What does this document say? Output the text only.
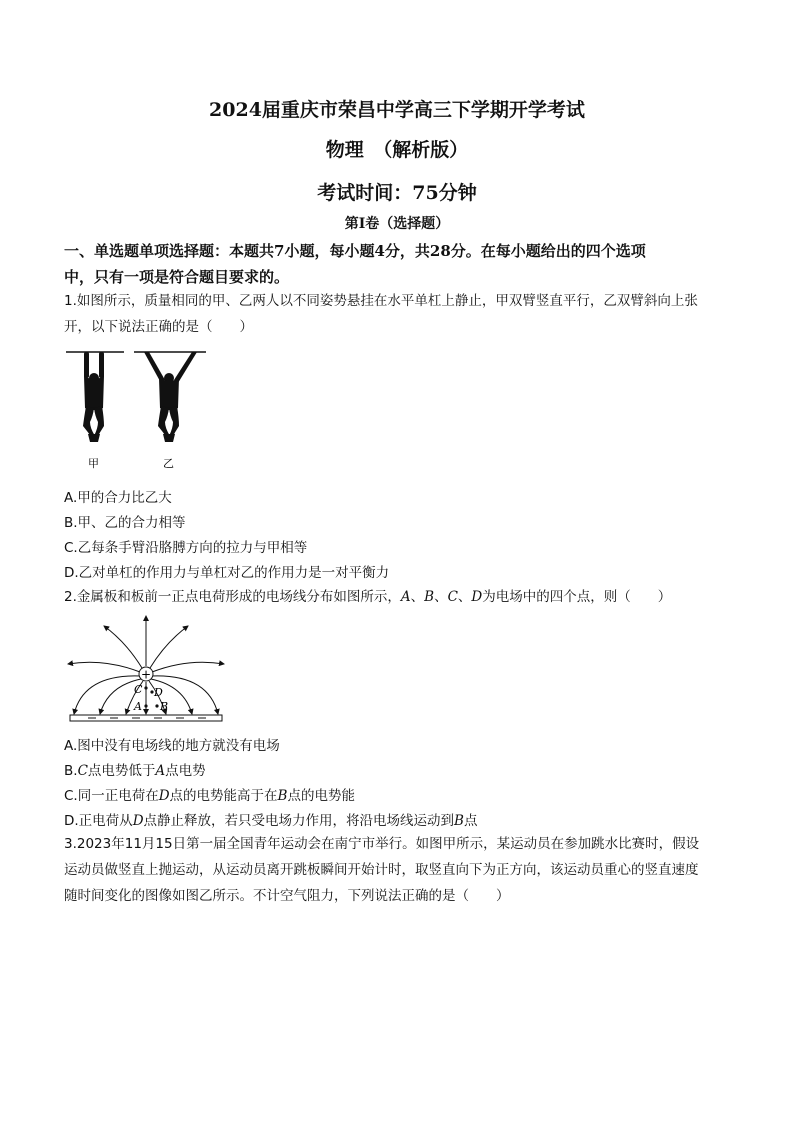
2024届重庆市荣昌中学高三下学期开学考试
物理　（解析版）
考试时间：75分钟
第Ⅰ卷（选择题）
一、单选题单项选择题：本题共7小题，每小题4分，共28分。在每小题给出的四个选项
中，只有一项是符合题目要求的。
1.如图所示，质量相同的甲、乙两人以不同姿势悬挂在水平单杠上静止，甲双臂竖直平行，乙双臂斜向上张
开，以下说法正确的是（　　）
甲	乙
A.甲的合力比乙大
B.甲、乙的合力相等
C.乙每条手臂沿胳膊方向的拉力与甲相等
D.乙对单杠的作用力与单杠对乙的作用力是一对平衡力
2.金属板和板前一正点电荷形成的电场线分布如图所示，A、B、C、D为电场中的四个点，则（　　）
+
C D
A B
A.图中没有电场线的地方就没有电场
B.C点电势低于A点电势
C.同一正电荷在D点的电势能高于在B点的电势能
D.正电荷从D点静止释放，若只受电场力作用，将沿电场线运动到B点
3.2023年11月15日第一届全国青年运动会在南宁市举行。如图甲所示，某运动员在参加跳水比赛时，假设
运动员做竖直上抛运动，从运动员离开跳板瞬间开始计时，取竖直向下为正方向，该运动员重心的竖直速度
随时间变化的图像如图乙所示。不计空气阻力，下列说法正确的是（　　）
